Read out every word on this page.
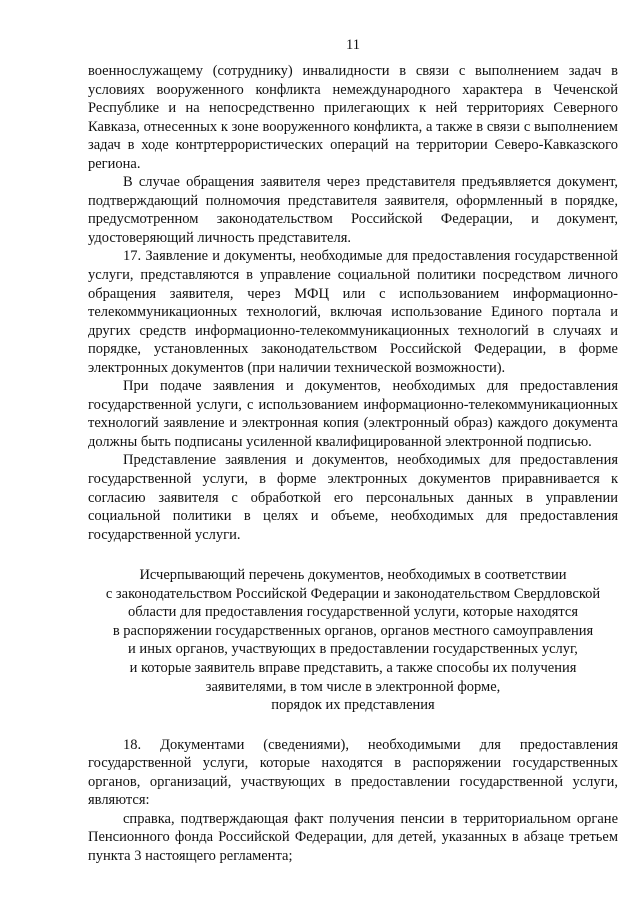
11

военнослужащему (сотруднику) инвалидности в связи с выполнением задач в условиях вооруженного конфликта немеждународного характера в Чеченской Республике и на непосредственно прилегающих к ней территориях Северного Кавказа, отнесенных к зоне вооруженного конфликта, а также в связи с выполнением задач в ходе контртеррористических операций на территории Северо-Кавказского региона.

В случае обращения заявителя через представителя предъявляется документ, подтверждающий полномочия представителя заявителя, оформленный в порядке, предусмотренном законодательством Российской Федерации, и документ, удостоверяющий личность представителя.

17. Заявление и документы, необходимые для предоставления государственной услуги, представляются в управление социальной политики посредством личного обращения заявителя, через МФЦ или с использованием информационно-телекоммуникационных технологий, включая использование Единого портала и других средств информационно-телекоммуникационных технологий в случаях и порядке, установленных законодательством Российской Федерации, в форме электронных документов (при наличии технической возможности).

При подаче заявления и документов, необходимых для предоставления государственной услуги, с использованием информационно-телекоммуникационных технологий заявление и электронная копия (электронный образ) каждого документа должны быть подписаны усиленной квалифицированной электронной подписью.

Представление заявления и документов, необходимых для предоставления государственной услуги, в форме электронных документов приравнивается к согласию заявителя с обработкой его персональных данных в управлении социальной политики в целях и объеме, необходимых для предоставления государственной услуги.

Исчерпывающий перечень документов, необходимых в соответствии
с законодательством Российской Федерации и законодательством Свердловской
области для предоставления государственной услуги, которые находятся
в распоряжении государственных органов, органов местного самоуправления
и иных органов, участвующих в предоставлении государственных услуг,
и которые заявитель вправе представить, а также способы их получения
заявителями, в том числе в электронной форме,
порядок их представления

18. Документами (сведениями), необходимыми для предоставления государственной услуги, которые находятся в распоряжении государственных органов, организаций, участвующих в предоставлении государственной услуги, являются:

справка, подтверждающая факт получения пенсии в территориальном органе Пенсионного фонда Российской Федерации, для детей, указанных в абзаце третьем пункта 3 настоящего регламента;
